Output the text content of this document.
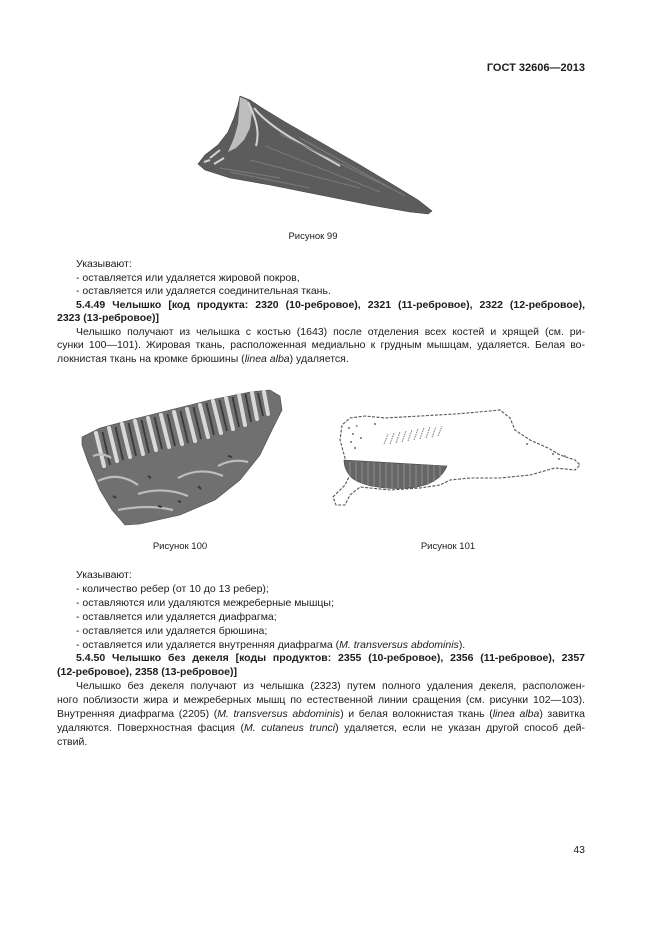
ГОСТ 32606—2013
Рисунок 99
Указывают:
- оставляется или удаляется жировой покров,
- оставляется или удаляется соединительная ткань.
5.4.49 Челышко [код продукта: 2320 (10-ребровое), 2321 (11-ребровое), 2322 (12-ребровое),
2323 (13-ребровое)]
Челышко получают из челышка с костью (1643) после отделения всех костей и хрящей (см. ри-
сунки 100—101). Жировая ткань, расположенная медиально к грудным мышцам, удаляется. Белая во-
локнистая ткань на кромке брюшины (linea alba) удаляется.
Рисунок 100	Рисунок 101
Указывают:
- количество ребер (от 10 до 13 ребер);
- оставляются или удаляются межреберные мышцы;
- оставляется или удаляется диафрагма;
- оставляется или удаляется брюшина;
- оставляется или удаляется внутренняя диафрагма (M. transversus abdominis).
5.4.50 Челышко без декеля [коды продуктов: 2355 (10-ребровое), 2356 (11-ребровое), 2357
(12-ребровое), 2358 (13-ребровое)]
Челышко без декеля получают из челышка (2323) путем полного удаления декеля, расположен-
ного поблизости жира и межреберных мышц по естественной линии сращения (см. рисунки 102—103).
Внутренняя диафрагма (2205) (M. transversus abdominis) и белая волокнистая ткань (linea alba) завитка
удаляются. Поверхностная фасция (M. cutaneus trunci) удаляется, если не указан другой способ дей-
ствий.
43
